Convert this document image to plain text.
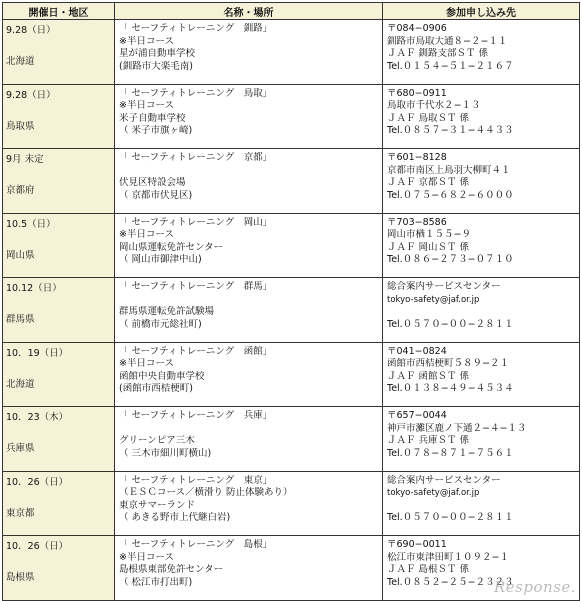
開催日・地区	名称・場所	参加申し込み先

9.28（日）
北海道	「 セーフティトレーニング　釧路」
※半日コース
星が浦自動車学校
(釧路市大楽毛南)	〒084−0906
釧路市鳥取大通８−２−１１
ＪＡＦ 釧路支部ＳＴ 係
Tel.０１５４−５１−２１６７

9.28（日）
鳥取県	「 セーフティトレーニング　鳥取」
※半日コース
米子自動車学校
（ 米子市旗ヶ崎)	〒680−0911
鳥取市千代水２−１３
ＪＡＦ 鳥取ＳＴ 係
Tel.０８５７−３１−４４３３

9月 未定
京都府	「 セーフティトレーニング　京都」
伏見区特設会場
（ 京都市伏見区)	〒601−8128
京都市南区上鳥羽大柳町４１
ＪＡＦ 京都ＳＴ 係
Tel.０７５−６８２−６０００

10.5（日）
岡山県	「 セーフティトレーニング　岡山」
※半日コース
岡山県運転免許センター
（ 岡山市御津中山)	〒703−8586
岡山市楢１５５−９
ＪＡＦ 岡山ＳＴ 係
Tel.０８６−２７３−０７１０

10.12（日）
群馬県	「 セーフティトレーニング　群馬」
群馬県運転免許試験場
（ 前橋市元総社町)	総合案内サービスセンター
tokyo-safety@jaf.or.jp
Tel.０５７０−００−２８１１

10．19（日）
北海道	「 セーフティトレーニング　函館」
※半日コース
函館中央自動車学校
(函館市西桔梗町)	〒041−0824
函館市西桔梗町５８９−２１
ＪＡＦ 函館ＳＴ 係
Tel.０１３８−４９−４５３４

10．23（木）
兵庫県	「 セーフティトレーニング　兵庫」
グリーンピア三木
（ 三木市細川町横山)	〒657−0044
神戸市灘区鹿ノ下通２−４−１３
ＪＡＦ 兵庫ＳＴ 係
Tel.０７８−８７１−７５６１

10．26（日）
東京都	「 セーフティトレーニング　東京」
（ＥＳＣコース／横滑り 防止体験あり）
東京サマーランド
（ あきる野市上代継白岩)	総合案内サービスセンター
tokyo-safety@jaf.or.jp
Tel.０５７０−００−２８１１

10．26（日）
島根県	「 セーフティトレーニング　島根」
※半日コース
島根県東部免許センター
（ 松江市打出町)	〒690−0011
松江市東津田町１０９２−１
ＪＡＦ 島根ＳＴ 係
Tel.０８５２−２５−２３２３
Response.
